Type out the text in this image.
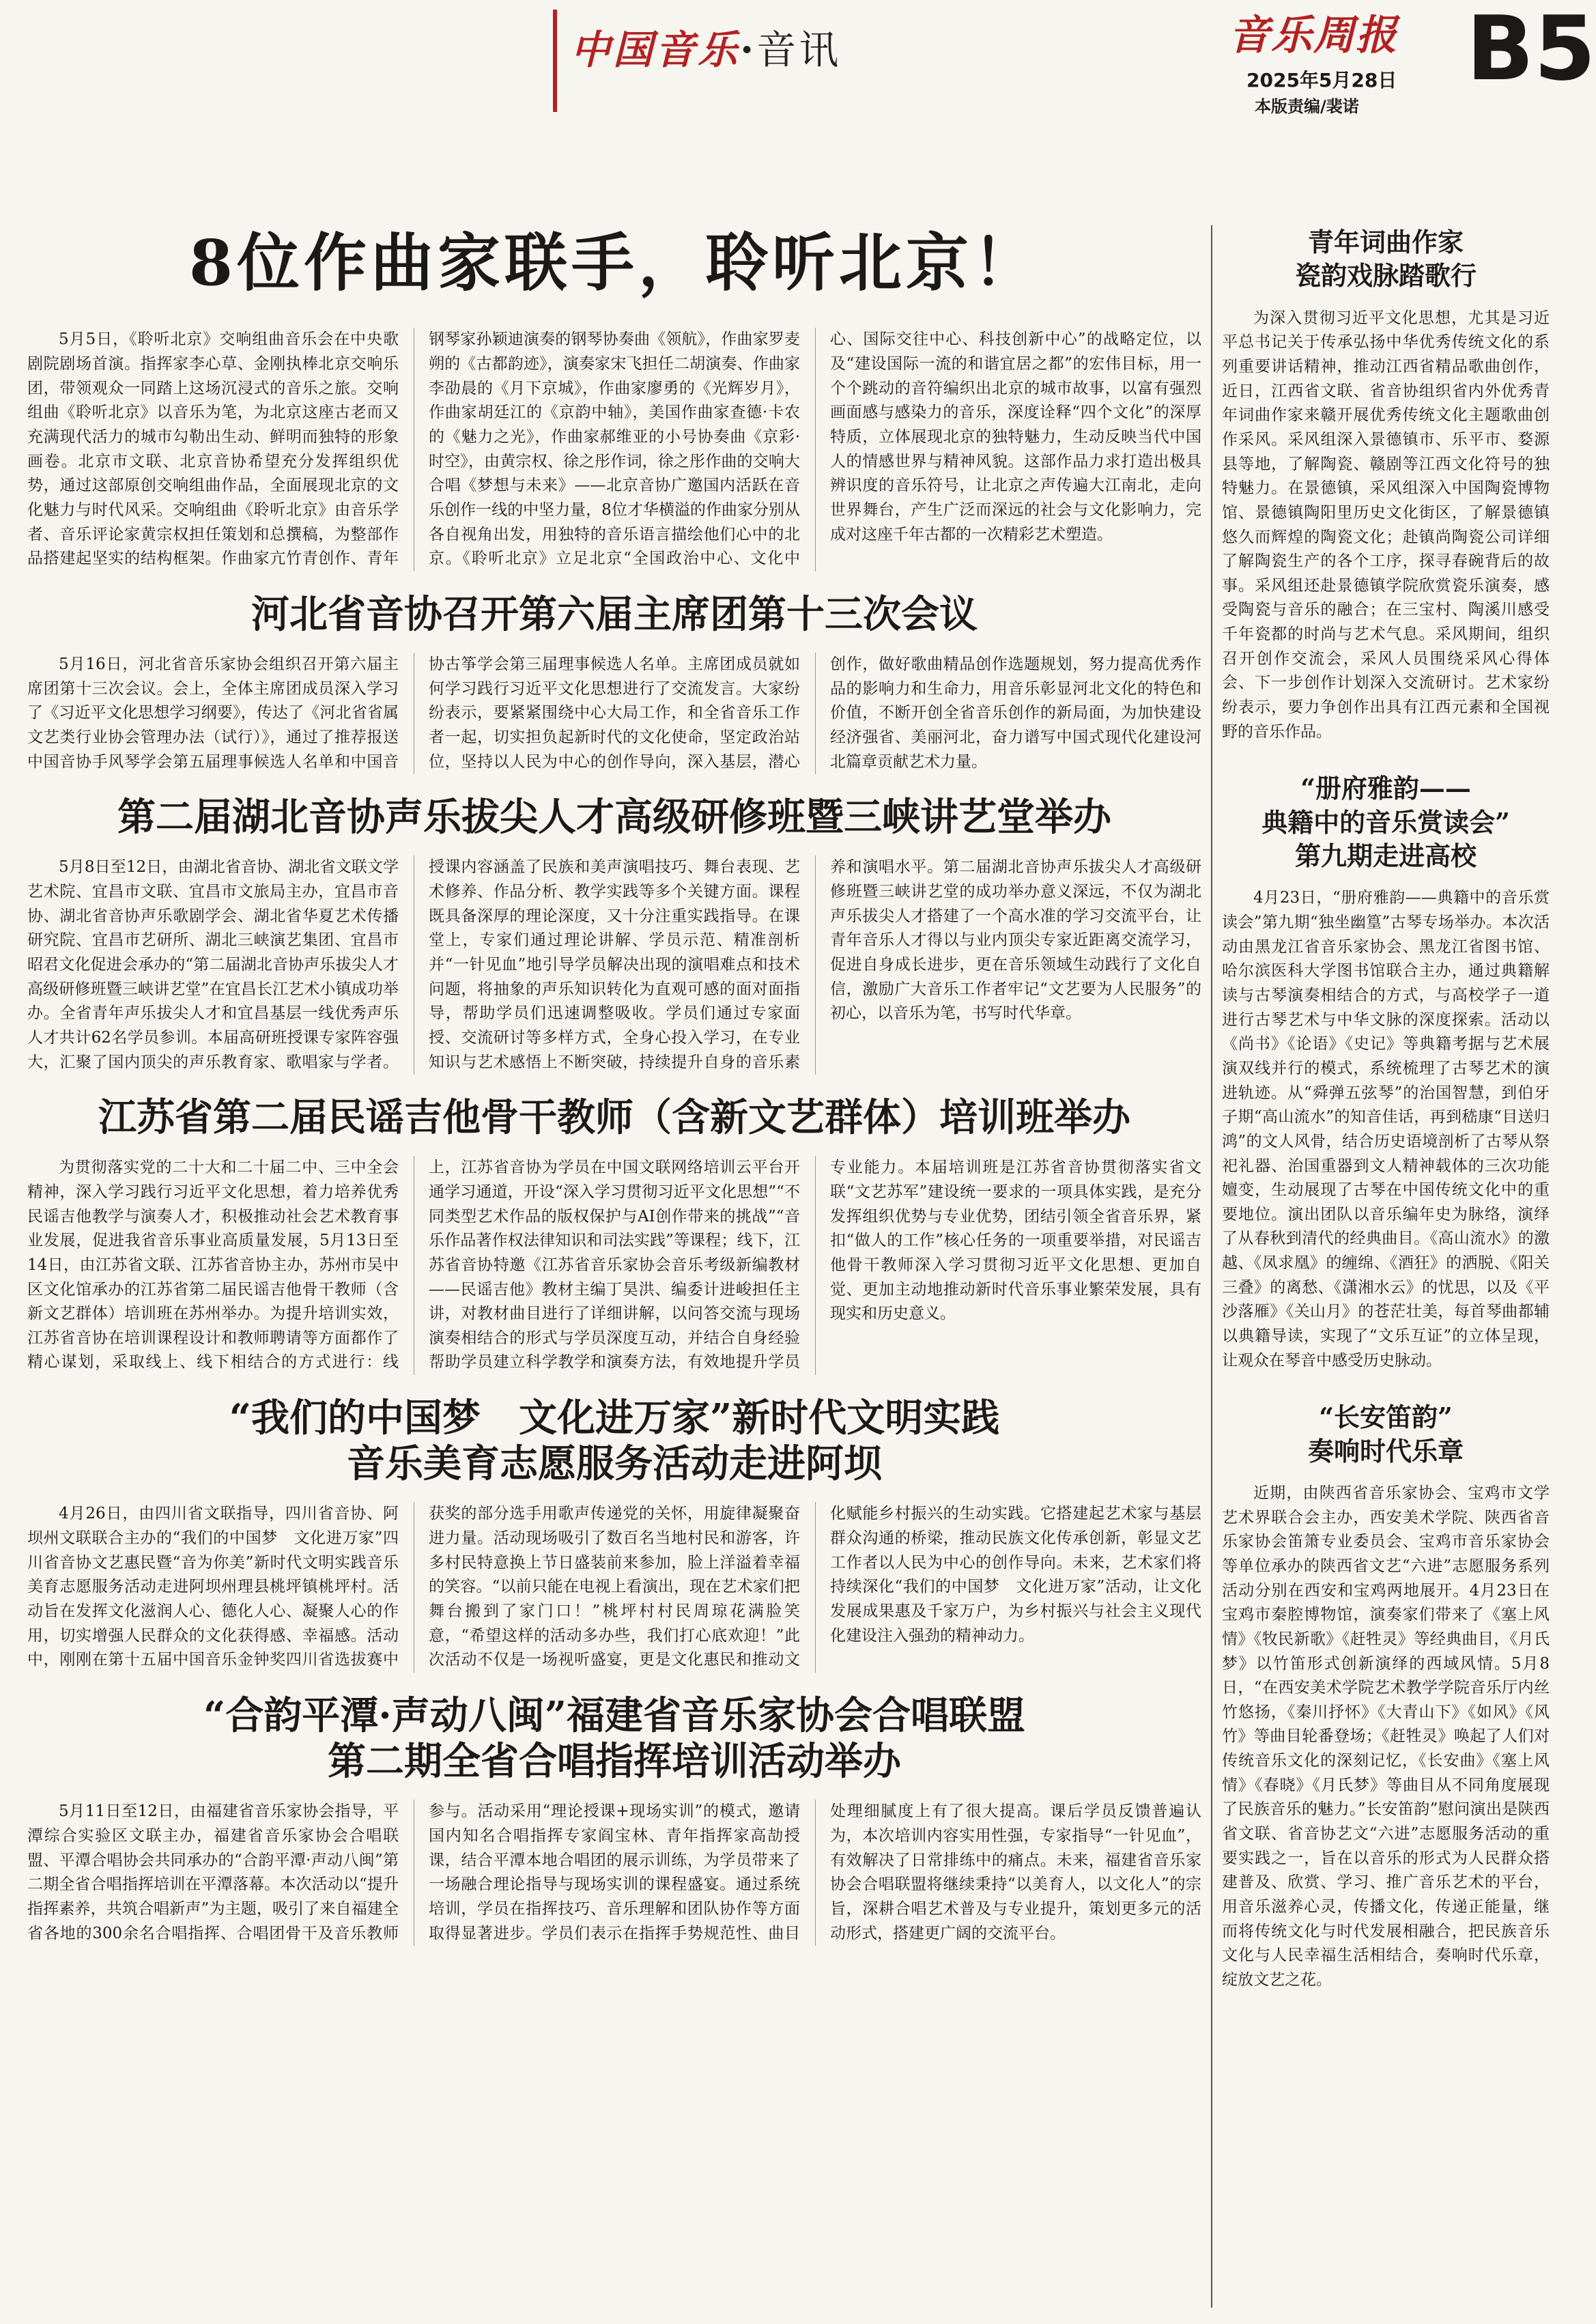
中国音乐·音讯	音乐周报
2025年5月28日
本版责编/裴诺
B5
8位作曲家联手，聆听北京！

5月5日，《聆听北京》交响组曲音乐会在中央歌剧院剧场首演。指挥家李心草、金刚执棒北京交响乐团，带领观众一同踏上这场沉浸式的音乐之旅。交响组曲《聆听北京》以音乐为笔，为北京这座古老而又充满现代活力的城市勾勒出生动、鲜明而独特的形象画卷。北京市文联、北京音协希望充分发挥组织优势，通过这部原创交响组曲作品，全面展现北京的文化魅力与时代风采。交响组曲《聆听北京》由音乐学者、音乐评论家黄宗权担任策划和总撰稿，为整部作品搭建起坚实的结构框架。作曲家亢竹青创作、青年钢琴家孙颖迪演奏的钢琴协奏曲《领航》，作曲家罗麦朔的《古都韵迹》，演奏家宋飞担任二胡演奏、作曲家李劭晨的《月下京城》，作曲家廖勇的《光辉岁月》，作曲家胡廷江的《京韵中轴》，美国作曲家查德·卡农的《魅力之光》，作曲家郝维亚的小号协奏曲《京彩·时空》，由黄宗权、徐之彤作词，徐之彤作曲的交响大合唱《梦想与未来》——北京音协广邀国内活跃在音乐创作一线的中坚力量，8位才华横溢的作曲家分别从各自视角出发，用独特的音乐语言描绘他们心中的北京。《聆听北京》立足北京“全国政治中心、文化中心、国际交往中心、科技创新中心”的战略定位，以及“建设国际一流的和谐宜居之都”的宏伟目标，用一个个跳动的音符编织出北京的城市故事，以富有强烈画面感与感染力的音乐，深度诠释“四个文化”的深厚特质，立体展现北京的独特魅力，生动反映当代中国人的情感世界与精神风貌。这部作品力求打造出极具辨识度的音乐符号，让北京之声传遍大江南北，走向世界舞台，产生广泛而深远的社会与文化影响力，完成对这座千年古都的一次精彩艺术塑造。

河北省音协召开第六届主席团第十三次会议

5月16日，河北省音乐家协会组织召开第六届主席团第十三次会议。会上，全体主席团成员深入学习了《习近平文化思想学习纲要》，传达了《河北省省属文艺类行业协会管理办法（试行）》，通过了推荐报送中国音协手风琴学会第五届理事候选人名单和中国音协古筝学会第三届理事候选人名单。主席团成员就如何学习践行习近平文化思想进行了交流发言。大家纷纷表示，要紧紧围绕中心大局工作，和全省音乐工作者一起，切实担负起新时代的文化使命，坚定政治站位，坚持以人民为中心的创作导向，深入基层，潜心创作，做好歌曲精品创作选题规划，努力提高优秀作品的影响力和生命力，用音乐彰显河北文化的特色和价值，不断开创全省音乐创作的新局面，为加快建设经济强省、美丽河北，奋力谱写中国式现代化建设河北篇章贡献艺术力量。

第二届湖北音协声乐拔尖人才高级研修班暨三峡讲艺堂举办

5月8日至12日，由湖北省音协、湖北省文联文学艺术院、宜昌市文联、宜昌市文旅局主办，宜昌市音协、湖北省音协声乐歌剧学会、湖北省华夏艺术传播研究院、宜昌市艺研所、湖北三峡演艺集团、宜昌市昭君文化促进会承办的“第二届湖北音协声乐拔尖人才高级研修班暨三峡讲艺堂”在宜昌长江艺术小镇成功举办。全省青年声乐拔尖人才和宜昌基层一线优秀声乐人才共计62名学员参训。本届高研班授课专家阵容强大，汇聚了国内顶尖的声乐教育家、歌唱家与学者。授课内容涵盖了民族和美声演唱技巧、舞台表现、艺术修养、作品分析、教学实践等多个关键方面。课程既具备深厚的理论深度，又十分注重实践指导。在课堂上，专家们通过理论讲解、学员示范、精准剖析并“一针见血”地引导学员解决出现的演唱难点和技术问题，将抽象的声乐知识转化为直观可感的面对面指导，帮助学员们迅速调整吸收。学员们通过专家面授、交流研讨等多样方式，全身心投入学习，在专业知识与艺术感悟上不断突破，持续提升自身的音乐素养和演唱水平。第二届湖北音协声乐拔尖人才高级研修班暨三峡讲艺堂的成功举办意义深远，不仅为湖北声乐拔尖人才搭建了一个高水准的学习交流平台，让青年音乐人才得以与业内顶尖专家近距离交流学习，促进自身成长进步，更在音乐领域生动践行了文化自信，激励广大音乐工作者牢记“文艺要为人民服务”的初心，以音乐为笔，书写时代华章。

江苏省第二届民谣吉他骨干教师（含新文艺群体）培训班举办

为贯彻落实党的二十大和二十届二中、三中全会精神，深入学习践行习近平文化思想，着力培养优秀民谣吉他教学与演奏人才，积极推动社会艺术教育事业发展，促进我省音乐事业高质量发展，5月13日至14日，由江苏省文联、江苏省音协主办，苏州市吴中区文化馆承办的江苏省第二届民谣吉他骨干教师（含新文艺群体）培训班在苏州举办。为提升培训实效，江苏省音协在培训课程设计和教师聘请等方面都作了精心谋划，采取线上、线下相结合的方式进行：线上，江苏省音协为学员在中国文联网络培训云平台开通学习通道，开设“深入学习贯彻习近平文化思想”“不同类型艺术作品的版权保护与AI创作带来的挑战”“音乐作品著作权法律知识和司法实践”等课程；线下，江苏省音协特邀《江苏省音乐家协会音乐考级新编教材——民谣吉他》教材主编丁昊洪、编委计进峻担任主讲，对教材曲目进行了详细讲解，以问答交流与现场演奏相结合的形式与学员深度互动，并结合自身经验帮助学员建立科学教学和演奏方法，有效地提升学员专业能力。本届培训班是江苏省音协贯彻落实省文联“文艺苏军”建设统一要求的一项具体实践，是充分发挥组织优势与专业优势，团结引领全省音乐界，紧扣“做人的工作”核心任务的一项重要举措，对民谣吉他骨干教师深入学习贯彻习近平文化思想、更加自觉、更加主动地推动新时代音乐事业繁荣发展，具有现实和历史意义。

“我们的中国梦　文化进万家”新时代文明实践
音乐美育志愿服务活动走进阿坝

4月26日，由四川省文联指导，四川省音协、阿坝州文联联合主办的“我们的中国梦　文化进万家”四川省音协文艺惠民暨“音为你美”新时代文明实践音乐美育志愿服务活动走进阿坝州理县桃坪镇桃坪村。活动旨在发挥文化滋润人心、德化人心、凝聚人心的作用，切实增强人民群众的文化获得感、幸福感。活动中，刚刚在第十五届中国音乐金钟奖四川省选拔赛中获奖的部分选手用歌声传递党的关怀，用旋律凝聚奋进力量。活动现场吸引了数百名当地村民和游客，许多村民特意换上节日盛装前来参加，脸上洋溢着幸福的笑容。“以前只能在电视上看演出，现在艺术家们把舞台搬到了家门口！”桃坪村村民周琼花满脸笑意，“希望这样的活动多办些，我们打心底欢迎！”此次活动不仅是一场视听盛宴，更是文化惠民和推动文化赋能乡村振兴的生动实践。它搭建起艺术家与基层群众沟通的桥梁，推动民族文化传承创新，彰显文艺工作者以人民为中心的创作导向。未来，艺术家们将持续深化“我们的中国梦　文化进万家”活动，让文化发展成果惠及千家万户，为乡村振兴与社会主义现代化建设注入强劲的精神动力。

“合韵平潭·声动八闽”福建省音乐家协会合唱联盟
第二期全省合唱指挥培训活动举办

5月11日至12日，由福建省音乐家协会指导，平潭综合实验区文联主办，福建省音乐家协会合唱联盟、平潭合唱协会共同承办的“合韵平潭·声动八闽”第二期全省合唱指挥培训在平潭落幕。本次活动以“提升指挥素养，共筑合唱新声”为主题，吸引了来自福建全省各地的300余名合唱指挥、合唱团骨干及音乐教师参与。活动采用“理论授课+现场实训”的模式，邀请国内知名合唱指挥专家阎宝林、青年指挥家高劼授课，结合平潭本地合唱团的展示训练，为学员带来了一场融合理论指导与现场实训的课程盛宴。通过系统培训，学员在指挥技巧、音乐理解和团队协作等方面取得显著进步。学员们表示在指挥手势规范性、曲目处理细腻度上有了很大提高。课后学员反馈普遍认为，本次培训内容实用性强，专家指导“一针见血”，有效解决了日常排练中的痛点。未来，福建省音乐家协会合唱联盟将继续秉持“以美育人，以文化人”的宗旨，深耕合唱艺术普及与专业提升，策划更多元的活动形式，搭建更广阔的交流平台。

青年词曲作家
瓷韵戏脉踏歌行

为深入贯彻习近平文化思想，尤其是习近平总书记关于传承弘扬中华优秀传统文化的系列重要讲话精神，推动江西省精品歌曲创作，近日，江西省文联、省音协组织省内外优秀青年词曲作家来赣开展优秀传统文化主题歌曲创作采风。采风组深入景德镇市、乐平市、婺源县等地，了解陶瓷、赣剧等江西文化符号的独特魅力。在景德镇，采风组深入中国陶瓷博物馆、景德镇陶阳里历史文化街区，了解景德镇悠久而辉煌的陶瓷文化；赴镇尚陶瓷公司详细了解陶瓷生产的各个工序，探寻春碗背后的故事。采风组还赴景德镇学院欣赏瓷乐演奏，感受陶瓷与音乐的融合；在三宝村、陶溪川感受千年瓷都的时尚与艺术气息。采风期间，组织召开创作交流会，采风人员围绕采风心得体会、下一步创作计划深入交流研讨。艺术家纷纷表示，要力争创作出具有江西元素和全国视野的音乐作品。

“册府雅韵——
典籍中的音乐赏读会”
第九期走进高校

4月23日，“册府雅韵——典籍中的音乐赏读会”第九期“独坐幽篁”古琴专场举办。本次活动由黑龙江省音乐家协会、黑龙江省图书馆、哈尔滨医科大学图书馆联合主办，通过典籍解读与古琴演奏相结合的方式，与高校学子一道进行古琴艺术与中华文脉的深度探索。活动以《尚书》《论语》《史记》等典籍考据与艺术展演双线并行的模式，系统梳理了古琴艺术的演进轨迹。从“舜弹五弦琴”的治国智慧，到伯牙子期“高山流水”的知音佳话，再到嵇康“目送归鸿”的文人风骨，结合历史语境剖析了古琴从祭祀礼器、治国重器到文人精神载体的三次功能嬗变，生动展现了古琴在中国传统文化中的重要地位。演出团队以音乐编年史为脉络，演绎了从春秋到清代的经典曲目。《高山流水》的激越、《凤求凰》的缠绵、《酒狂》的洒脱、《阳关三叠》的离愁、《潇湘水云》的忧思，以及《平沙落雁》《关山月》的苍茫壮美，每首琴曲都辅以典籍导读，实现了“文乐互证”的立体呈现，让观众在琴音中感受历史脉动。

“长安笛韵”
奏响时代乐章

近期，由陕西省音乐家协会、宝鸡市文学艺术界联合会主办，西安美术学院、陕西省音乐家协会笛箫专业委员会、宝鸡市音乐家协会等单位承办的陕西省文艺“六进”志愿服务系列活动分别在西安和宝鸡两地展开。4月23日在宝鸡市秦腔博物馆，演奏家们带来了《塞上风情》《牧民新歌》《赶牲灵》等经典曲目，《月氏梦》以竹笛形式创新演绎的西域风情。5月8日，“在西安美术学院艺术教学学院音乐厅内丝竹悠扬，《秦川抒怀》《大青山下》《如风》《风竹》等曲目轮番登场；《赶牲灵》唤起了人们对传统音乐文化的深刻记忆，《长安曲》《塞上风情》《春晓》《月氏梦》等曲目从不同角度展现了民族音乐的魅力。”长安笛韵”慰问演出是陕西省文联、省音协艺文“六进”志愿服务活动的重要实践之一，旨在以音乐的形式为人民群众搭建普及、欣赏、学习、推广音乐艺术的平台，用音乐滋养心灵，传播文化，传递正能量，继而将传统文化与时代发展相融合，把民族音乐文化与人民幸福生活相结合，奏响时代乐章，绽放文艺之花。
